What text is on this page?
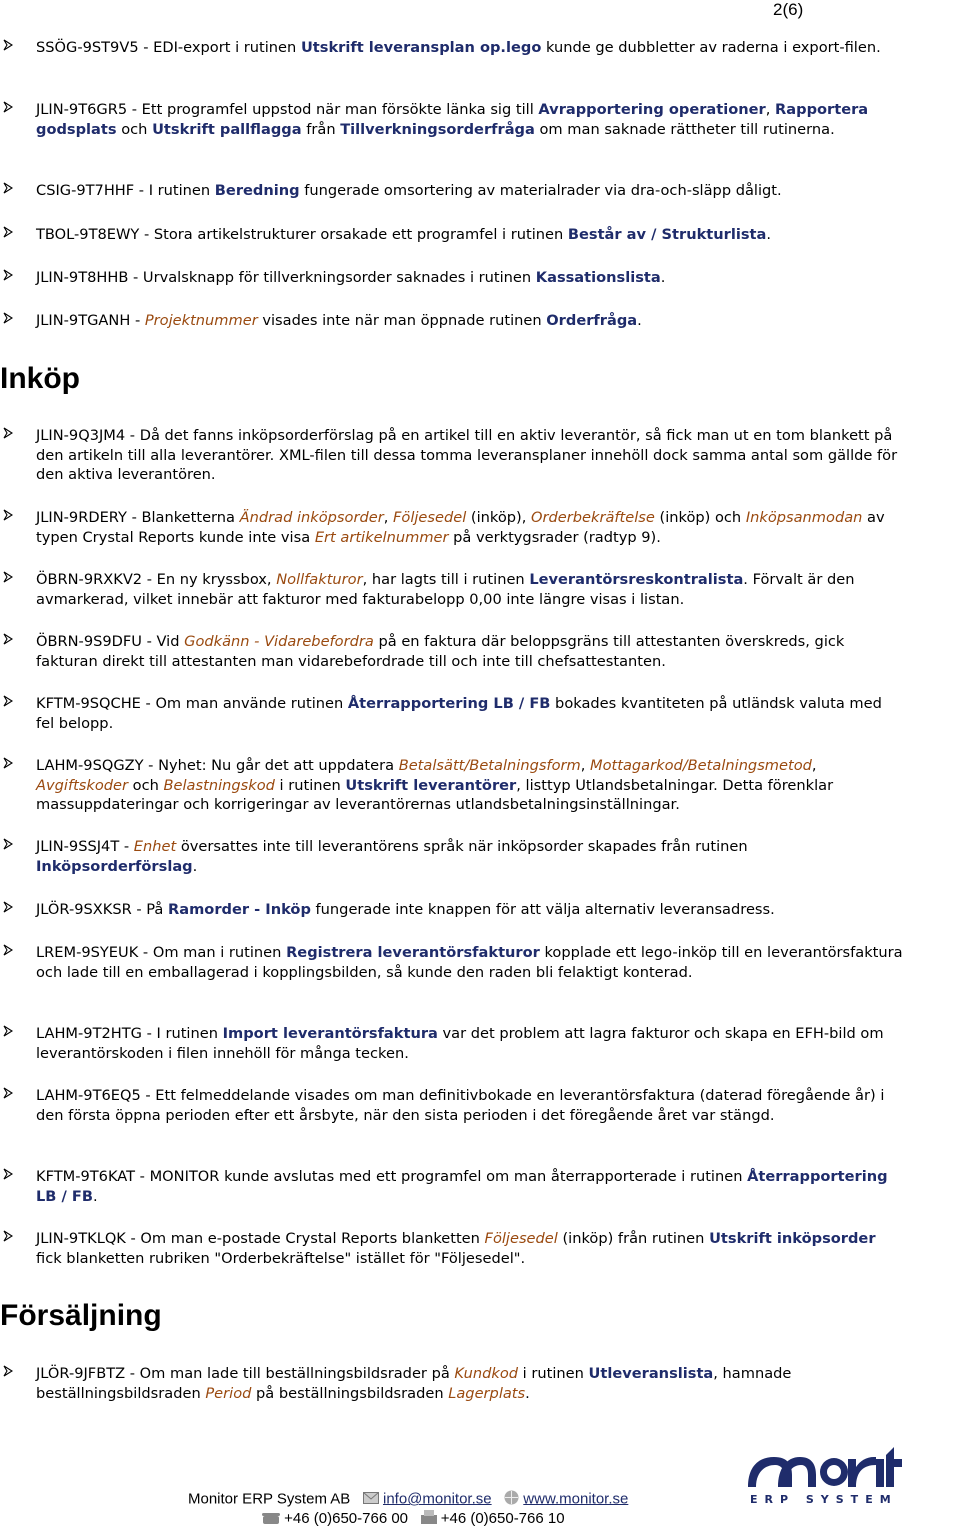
2(6)
SSÖG-9ST9V5 - EDI-export i rutinen Utskrift leveransplan op.lego kunde ge dubbletter av raderna i export-filen.
JLIN-9T6GR5 - Ett programfel uppstod när man försökte länka sig till Avrapportering operationer, Rapportera godsplats och Utskrift pallflagga från Tillverkningsorderfråga om man saknade rättheter till rutinerna.
CSIG-9T7HHF - I rutinen Beredning fungerade omsortering av materialrader via dra-och-släpp dåligt.
TBOL-9T8EWY - Stora artikelstrukturer orsakade ett programfel i rutinen Består av / Strukturlista.
JLIN-9T8HHB - Urvalsknapp för tillverkningsorder saknades i rutinen Kassationslista.
JLIN-9TGANH - Projektnummer visades inte när man öppnade rutinen Orderfråga.
Inköp
JLIN-9Q3JM4 - Då det fanns inköpsorderförslag på en artikel till en aktiv leverantör, så fick man ut en tom blankett på den artikeln till alla leverantörer. XML-filen till dessa tomma leveransplaner innehöll dock samma antal som gällde för den aktiva leverantören.
JLIN-9RDERY - Blanketterna Ändrad inköpsorder, Följesedel (inköp), Orderbekräftelse (inköp) och Inköpsanmodan av typen Crystal Reports kunde inte visa Ert artikelnummer på verktygsrader (radtyp 9).
ÖBRN-9RXKV2 - En ny kryssbox, Nollfakturor, har lagts till i rutinen Leverantörsreskontralista. Förvalt är den avmarkerad, vilket innebär att fakturor med fakturabelopp 0,00 inte längre visas i listan.
ÖBRN-9S9DFU - Vid Godkänn - Vidarebefordra på en faktura där beloppsgräns till attestanten överskreds, gick fakturan direkt till attestanten man vidarebefordrade till och inte till chefsattestanten.
KFTM-9SQCHE - Om man använde rutinen Återrapportering LB / FB bokades kvantiteten på utländsk valuta med fel belopp.
LAHM-9SQGZY - Nyhet: Nu går det att uppdatera Betalsätt/Betalningsform, Mottagarkod/Betalningsmetod, Avgiftskoder och Belastningskod i rutinen Utskrift leverantörer, listtyp Utlandsbetalningar. Detta förenklar massuppdateringar och korrigeringar av leverantörernas utlandsbetalningsinställningar.
JLIN-9SSJ4T - Enhet översattes inte till leverantörens språk när inköpsorder skapades från rutinen Inköpsorderförslag.
JLÖR-9SXKSR - På Ramorder - Inköp fungerade inte knappen för att välja alternativ leveransadress.
LREM-9SYEUK - Om man i rutinen Registrera leverantörsfakturor kopplade ett lego-inköp till en leverantörsfaktura och lade till en emballagerad i kopplingsbilden, så kunde den raden bli felaktigt konterad.
LAHM-9T2HTG - I rutinen Import leverantörsfaktura var det problem att lagra fakturor och skapa en EFH-bild om leverantörskoden i filen innehöll för många tecken.
LAHM-9T6EQ5 - Ett felmeddelande visades om man definitivbokade en leverantörsfaktura (daterad föregående år) i den första öppna perioden efter ett årsbyte, när den sista perioden i det föregående året var stängd.
KFTM-9T6KAT - MONITOR kunde avslutas med ett programfel om man återrapporterade i rutinen Återrapportering LB / FB.
JLIN-9TKLQK - Om man e-postade Crystal Reports blanketten Följesedel (inköp) från rutinen Utskrift inköpsorder fick blanketten rubriken "Orderbekräftelse" istället för "Följesedel".
Försäljning
JLÖR-9JFBTZ - Om man lade till beställningsbildsrader på Kundkod i rutinen Utleveranslista, hamnade beställningsbildsraden Period på beställningsbildsraden Lagerplats.
Monitor ERP System AB info@monitor.se www.monitor.se
+46 (0)650-766 00 +46 (0)650-766 10
ERP SYSTEM
